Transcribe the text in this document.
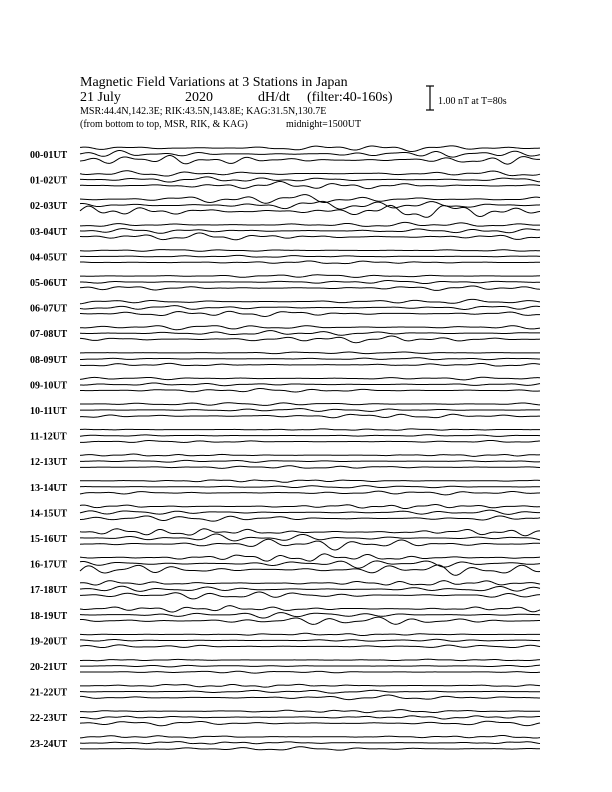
Magnetic Field Variations at 3 Stations in Japan
21 July	2020	dH/dt (filter:40-160s)
MSR:44.4N,142.3E; RIK:43.5N,143.8E; KAG:31.5N,130.7E
(from bottom to top, MSR, RIK, & KAG)	midnight=1500UT
1.00 nT at T=80s
00-01UT
01-02UT
02-03UT
03-04UT
04-05UT
05-06UT
06-07UT
07-08UT
08-09UT
09-10UT
10-11UT
11-12UT
12-13UT
13-14UT
14-15UT
15-16UT
16-17UT
17-18UT
18-19UT
19-20UT
20-21UT
21-22UT
22-23UT
23-24UT
